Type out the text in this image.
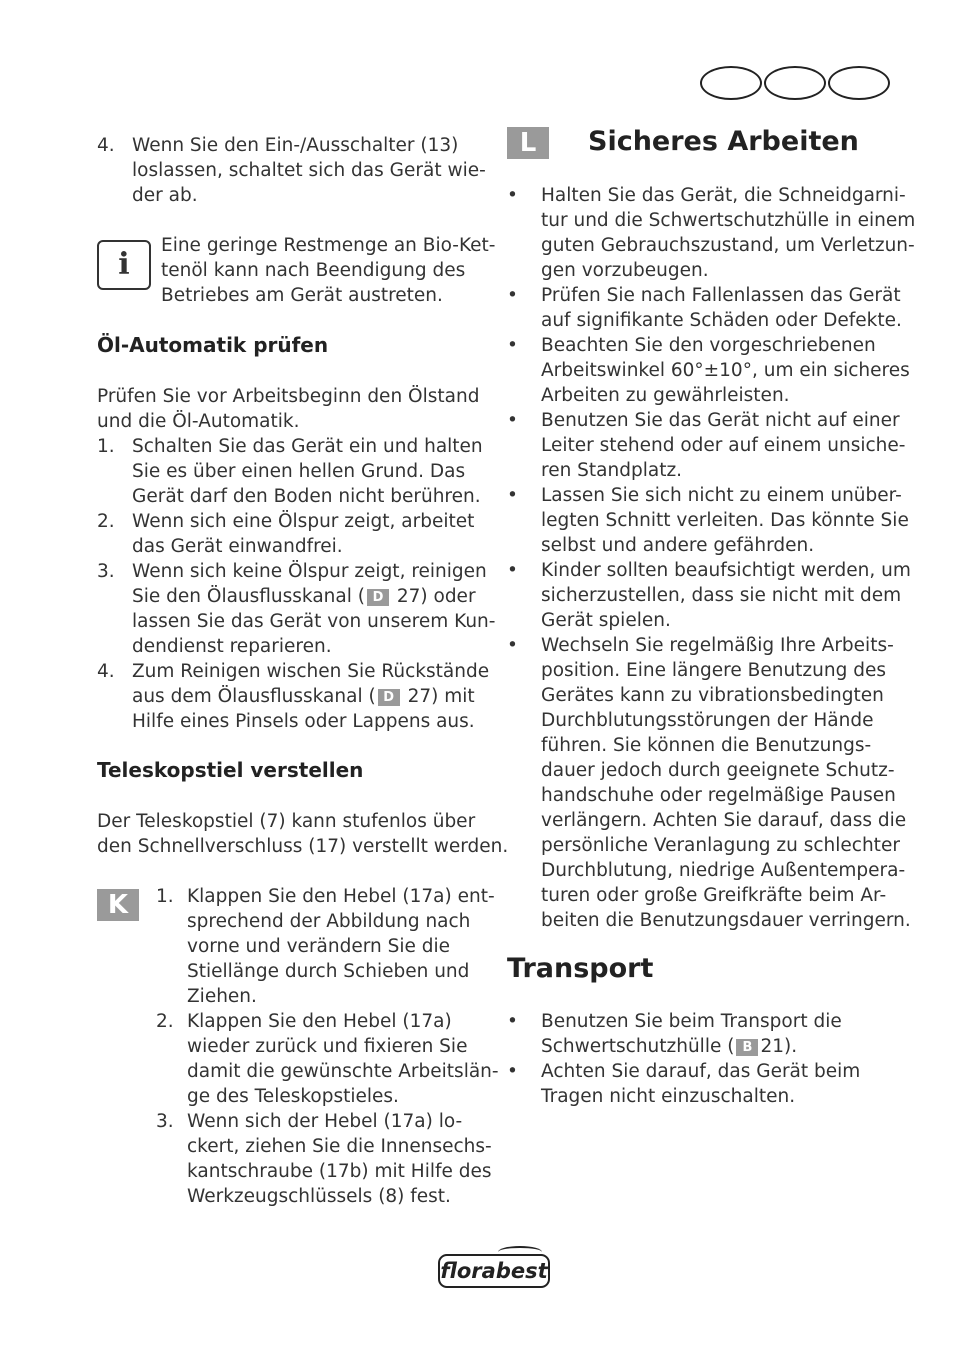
4. Wenn Sie den Ein-/Ausschalter (13)
loslassen, schaltet sich das Gerät wie-
der ab.
i
Eine geringe Restmenge an Bio-Ket-
tenöl kann nach Beendigung des
Betriebes am Gerät austreten.
Öl-Automatik prüfen
Prüfen Sie vor Arbeitsbeginn den Ölstand
und die Öl-Automatik.
1. Schalten Sie das Gerät ein und halten
Sie es über einen hellen Grund. Das
Gerät darf den Boden nicht berühren.
2. Wenn sich eine Ölspur zeigt, arbeitet
das Gerät einwandfrei.
3. Wenn sich keine Ölspur zeigt, reinigen
Sie den Ölausflusskanal ( D 27) oder
lassen Sie das Gerät von unserem Kun-
dendienst reparieren.
4. Zum Reinigen wischen Sie Rückstände
aus dem Ölausflusskanal ( D 27) mit
Hilfe eines Pinsels oder Lappens aus.
Teleskopstiel verstellen
Der Teleskopstiel (7) kann stufenlos über
den Schnellverschluss (17) verstellt werden.
K	1. Klappen Sie den Hebel (17a) ent-
sprechend der Abbildung nach
vorne und verändern Sie die
Stiellänge durch Schieben und
Ziehen.
2. Klappen Sie den Hebel (17a)
wieder zurück und fixieren Sie
damit die gewünschte Arbeitslän-
ge des Teleskopstieles.
3. Wenn sich der Hebel (17a) lo-
ckert, ziehen Sie die Innensechs-
kantschraube (17b) mit Hilfe des
Werkzeugschlüssels (8) fest.
L	Sicheres Arbeiten
• Halten Sie das Gerät, die Schneidgarni-
tur und die Schwertschutzhülle in einem
guten Gebrauchszustand, um Verletzun-
gen vorzubeugen.
• Prüfen Sie nach Fallenlassen das Gerät
auf signifikante Schäden oder Defekte.
• Beachten Sie den vorgeschriebenen
Arbeitswinkel 60°±10°, um ein sicheres
Arbeiten zu gewährleisten.
• Benutzen Sie das Gerät nicht auf einer
Leiter stehend oder auf einem unsiche-
ren Standplatz.
• Lassen Sie sich nicht zu einem unüber-
legten Schnitt verleiten. Das könnte Sie
selbst und andere gefährden.
• Kinder sollten beaufsichtigt werden, um
sicherzustellen, dass sie nicht mit dem
Gerät spielen.
• Wechseln Sie regelmäßig Ihre Arbeits-
position. Eine längere Benutzung des
Gerätes kann zu vibrationsbedingten
Durchblutungsstörungen der Hände
führen. Sie können die Benutzungs-
dauer jedoch durch geeignete Schutz-
handschuhe oder regelmäßige Pausen
verlängern. Achten Sie darauf, dass die
persönliche Veranlagung zu schlechter
Durchblutung, niedrige Außentempera-
turen oder große Greifkräfte beim Ar-
beiten die Benutzungsdauer verringern.
Transport
• Benutzen Sie beim Transport die
Schwertschutzhülle ( B 21).
• Achten Sie darauf, das Gerät beim
Tragen nicht einzuschalten.
florabest
